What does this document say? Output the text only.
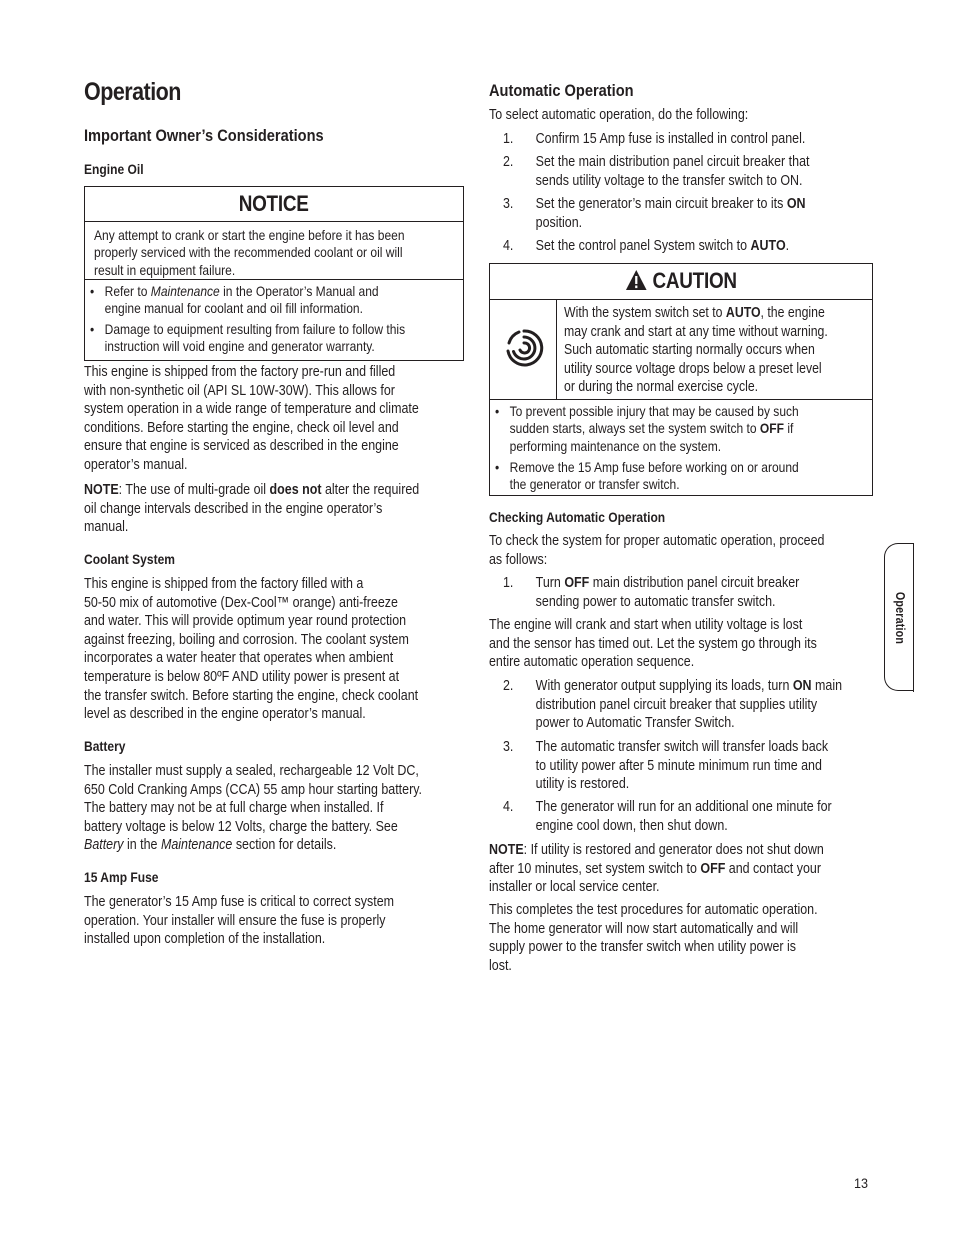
Operation
Important Owner’s Considerations
Engine Oil
NOTICE
Any attempt to crank or start the engine before it has been
properly serviced with the recommended coolant or oil will
result in equipment failure.
• Refer to Maintenance in the Operator’s Manual and
engine manual for coolant and oil fill information.
• Damage to equipment resulting from failure to follow this
instruction will void engine and generator warranty.
This engine is shipped from the factory pre-run and filled
with non-synthetic oil (API SL 10W-30W). This allows for
system operation in a wide range of temperature and climate
conditions. Before starting the engine, check oil level and
ensure that engine is serviced as described in the engine
operator’s manual.
NOTE: The use of multi-grade oil does not alter the required
oil change intervals described in the engine operator’s
manual.
Coolant System
This engine is shipped from the factory filled with a
50-50 mix of automotive (Dex-Cool™ orange) anti-freeze
and water. This will provide optimum year round protection
against freezing, boiling and corrosion. The coolant system
incorporates a water heater that operates when ambient
temperature is below 80ºF AND utility power is present at
the transfer switch. Before starting the engine, check coolant
level as described in the engine operator’s manual.
Battery
The installer must supply a sealed, rechargeable 12 Volt DC,
650 Cold Cranking Amps (CCA) 55 amp hour starting battery.
The battery may not be at full charge when installed. If
battery voltage is below 12 Volts, charge the battery. See
Battery in the Maintenance section for details.
15 Amp Fuse
The generator’s 15 Amp fuse is critical to correct system
operation. Your installer will ensure the fuse is properly
installed upon completion of the installation.
Automatic Operation
To select automatic operation, do the following:
1. Confirm 15 Amp fuse is installed in control panel.
2. Set the main distribution panel circuit breaker that
sends utility voltage to the transfer switch to ON.
3. Set the generator’s main circuit breaker to its ON
position.
4. Set the control panel System switch to AUTO.
CAUTION
With the system switch set to AUTO, the engine
may crank and start at any time without warning.
Such automatic starting normally occurs when
utility source voltage drops below a preset level
or during the normal exercise cycle.
• To prevent possible injury that may be caused by such
sudden starts, always set the system switch to OFF if
performing maintenance on the system.
• Remove the 15 Amp fuse before working on or around
the generator or transfer switch.
Checking Automatic Operation
To check the system for proper automatic operation, proceed
as follows:
1. Turn OFF main distribution panel circuit breaker
sending power to automatic transfer switch.
The engine will crank and start when utility voltage is lost
and the sensor has timed out. Let the system go through its
entire automatic operation sequence.
2. With generator output supplying its loads, turn ON main
distribution panel circuit breaker that supplies utility
power to Automatic Transfer Switch.
3. The automatic transfer switch will transfer loads back
to utility power after 5 minute minimum run time and
utility is restored.
4. The generator will run for an additional one minute for
engine cool down, then shut down.
NOTE: If utility is restored and generator does not shut down
after 10 minutes, set system switch to OFF and contact your
installer or local service center.
This completes the test procedures for automatic operation.
The home generator will now start automatically and will
supply power to the transfer switch when utility power is
lost.
Operation
13
